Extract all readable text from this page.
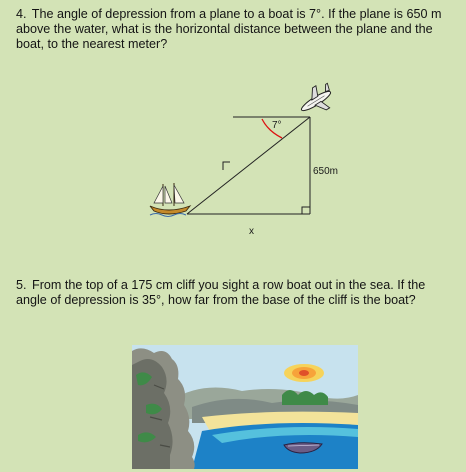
4. The angle of depression from a plane to a boat is 7°. If the plane is 650 m above the water, what is the horizontal distance between the plane and the boat, to the nearest meter?
7°
650m
x
5. From the top of a 175 cm cliff you sight a row boat out in the sea. If the angle of depression is 35°, how far from the base of the cliff is the boat?
